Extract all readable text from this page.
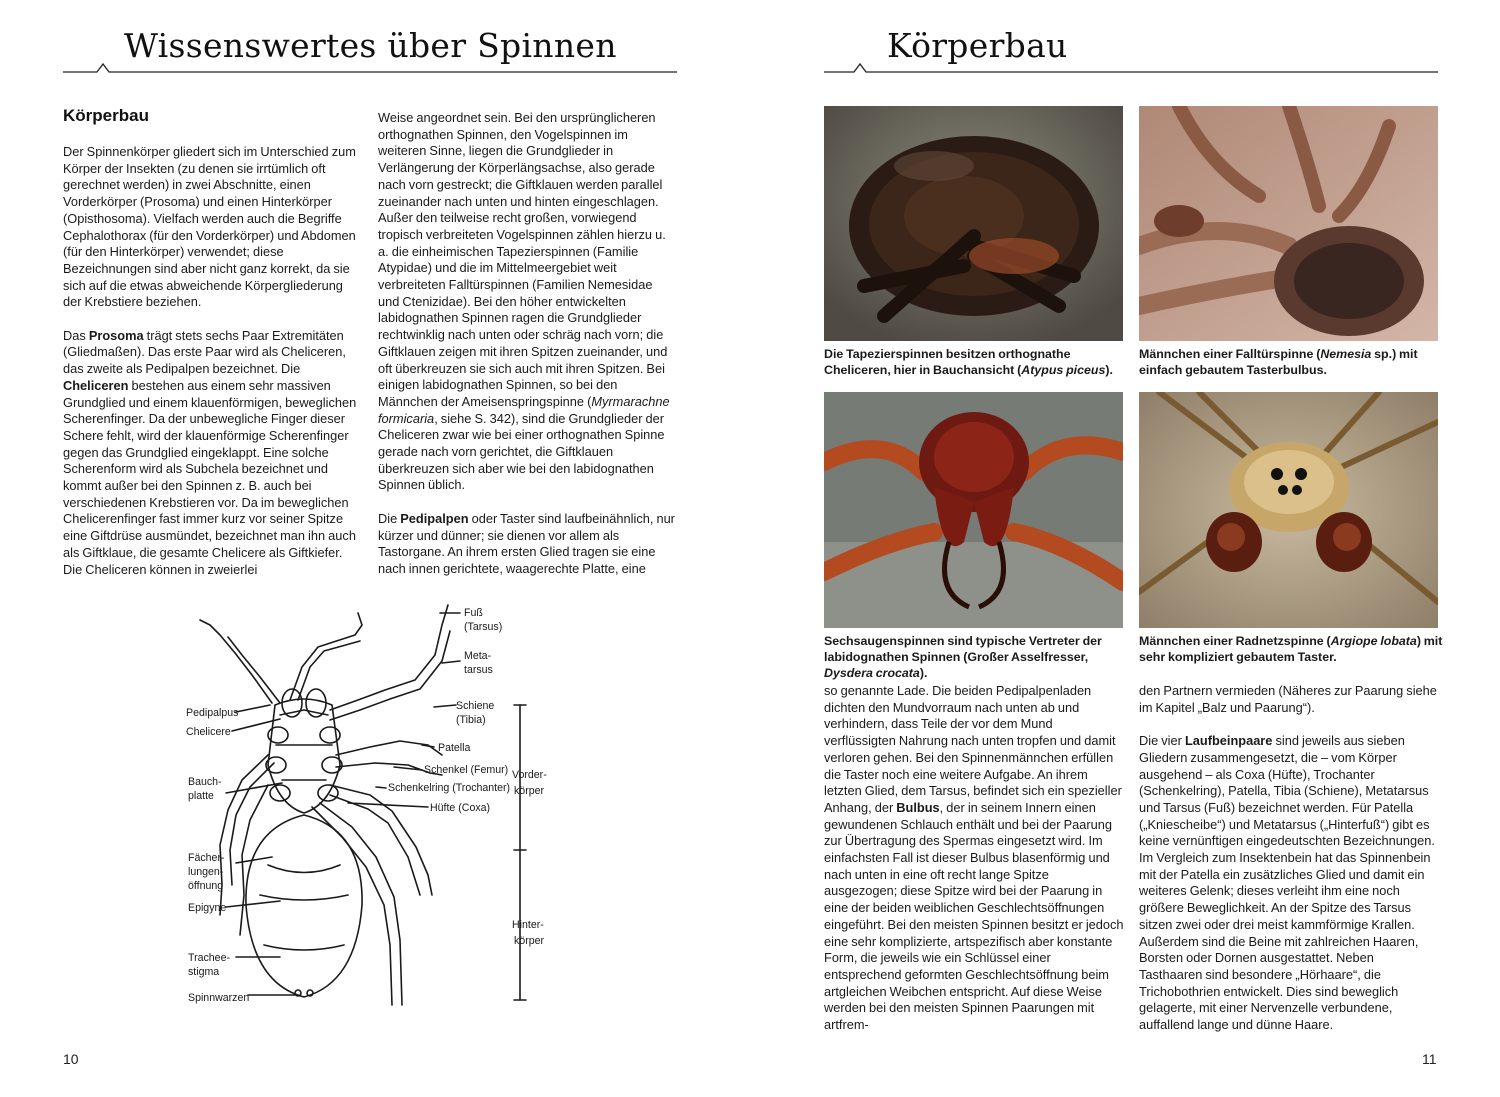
Wissenswertes über Spinnen
Körperbau

Der Spinnenkörper gliedert sich im Unterschied zum Körper der Insekten (zu denen sie irrtümlich oft gerechnet werden) in zwei Abschnitte, einen Vorderkörper (Prosoma) und einen Hinterkörper (Opisthosoma). Vielfach werden auch die Begriffe Cephalothorax (für den Vorderkörper) und Abdomen (für den Hinterkörper) verwendet; diese Bezeichnungen sind aber nicht ganz korrekt, da sie sich auf die etwas abweichende Körpergliederung der Krebstiere beziehen.

Das Prosoma trägt stets sechs Paar Extremitäten (Gliedmaßen). Das erste Paar wird als Cheliceren, das zweite als Pedipalpen bezeichnet. Die Cheliceren bestehen aus einem sehr massiven Grundglied und einem klauenförmigen, beweglichen Scherenfinger. Da der unbewegliche Finger dieser Schere fehlt, wird der klauenförmige Scherenfinger gegen das Grundglied eingeklappt. Eine solche Scherenform wird als Subchela bezeichnet und kommt außer bei den Spinnen z. B. auch bei verschiedenen Krebstieren vor. Da im beweglichen Chelicerenfinger fast immer kurz vor seiner Spitze eine Giftdrüse ausmündet, bezeichnet man ihn auch als Giftklaue, die gesamte Chelicere als Giftkiefer. Die Cheliceren können in zweierlei

Weise angeordnet sein. Bei den ursprünglicheren orthognathen Spinnen, den Vogelspinnen im weiteren Sinne, liegen die Grundglieder in Verlängerung der Körperlängsachse, also gerade nach vorn gestreckt; die Giftklauen werden parallel zueinander nach unten und hinten eingeschlagen. Außer den teilweise recht großen, vorwiegend tropisch verbreiteten Vogelspinnen zählen hierzu u. a. die einheimischen Tapezierspinnen (Familie Atypidae) und die im Mittelmeergebiet weit verbreiteten Falltürspinnen (Familien Nemesidae und Ctenizidae). Bei den höher entwickelten labidognathen Spinnen ragen die Grundglieder rechtwinklig nach unten oder schräg nach vorn; die Giftklauen zeigen mit ihren Spitzen zueinander, und oft überkreuzen sie sich auch mit ihren Spitzen. Bei einigen labidognathen Spinnen, so bei den Männchen der Ameisenspringspinne (Myrmarachne formicaria, siehe S. 342), sind die Grundglieder der Cheliceren zwar wie bei einer orthognathen Spinne gerade nach vorn gerichtet, die Giftklauen überkreuzen sich aber wie bei den labidognathen Spinnen üblich.

Die Pedipalpen oder Taster sind laufbeinähnlich, nur kürzer und dünner; sie dienen vor allem als Tastorgane. An ihrem ersten Glied tragen sie eine nach innen gerichtete, waagerechte Platte, eine

Pedipalpus
Chelicere
Bauch-
platte
Fächer-
lungen-
öffnung
Epigyne
Trachee-
stigma
Spinnwarzen
Fuß
(Tarsus)
Meta-
tarsus
Schiene
(Tibia)
Patella
Schenkel (Femur)
Schenkelring (Trochanter)
Hüfte (Coxa)
Vorder-
körper
Hinter-
körper
10
Körperbau
Die Tapezierspinnen besitzen orthognathe Cheliceren, hier in Bauchansicht (Atypus piceus).
Männchen einer Falltürspinne (Nemesia sp.) mit einfach gebautem Tasterbulbus.
Sechsaugenspinnen sind typische Vertreter der labidognathen Spinnen (Großer Asselfresser, Dysdera crocata).
Männchen einer Radnetzspinne (Argiope lobata) mit sehr kompliziert gebautem Taster.

so genannte Lade. Die beiden Pedipalpenladen dichten den Mundvorraum nach unten ab und verhindern, dass Teile der vor dem Mund verflüssigten Nahrung nach unten tropfen und damit verloren gehen. Bei den Spinnenmännchen erfüllen die Taster noch eine weitere Aufgabe. An ihrem letzten Glied, dem Tarsus, befindet sich ein spezieller Anhang, der Bulbus, der in seinem Innern einen gewundenen Schlauch enthält und bei der Paarung zur Übertragung des Spermas eingesetzt wird. Im einfachsten Fall ist dieser Bulbus blasenförmig und nach unten in eine oft recht lange Spitze ausgezogen; diese Spitze wird bei der Paarung in eine der beiden weiblichen Geschlechtsöffnungen eingeführt. Bei den meisten Spinnen besitzt er jedoch eine sehr komplizierte, artspezifisch aber konstante Form, die jeweils wie ein Schlüssel einer entsprechend geformten Geschlechtsöffnung beim artgleichen Weibchen entspricht. Auf diese Weise werden bei den meisten Spinnen Paarungen mit artfrem-

den Partnern vermieden (Näheres zur Paarung siehe im Kapitel „Balz und Paarung“).

Die vier Laufbeinpaare sind jeweils aus sieben Gliedern zusammengesetzt, die – vom Körper ausgehend – als Coxa (Hüfte), Trochanter (Schenkelring), Patella, Tibia (Schiene), Metatarsus und Tarsus (Fuß) bezeichnet werden. Für Patella („Kniescheibe“) und Metatarsus („Hinterfuß“) gibt es keine vernünftigen eingedeutschten Bezeichnungen. Im Vergleich zum Insektenbein hat das Spinnenbein mit der Patella ein zusätzliches Glied und damit ein weiteres Gelenk; dieses verleiht ihm eine noch größere Beweglichkeit. An der Spitze des Tarsus sitzen zwei oder drei meist kammförmige Krallen. Außerdem sind die Beine mit zahlreichen Haaren, Borsten oder Dornen ausgestattet. Neben Tasthaaren sind besondere „Hörhaare“, die Trichobothrien entwickelt. Dies sind beweglich gelagerte, mit einer Nervenzelle verbundene, auffallend lange und dünne Haare.

11
